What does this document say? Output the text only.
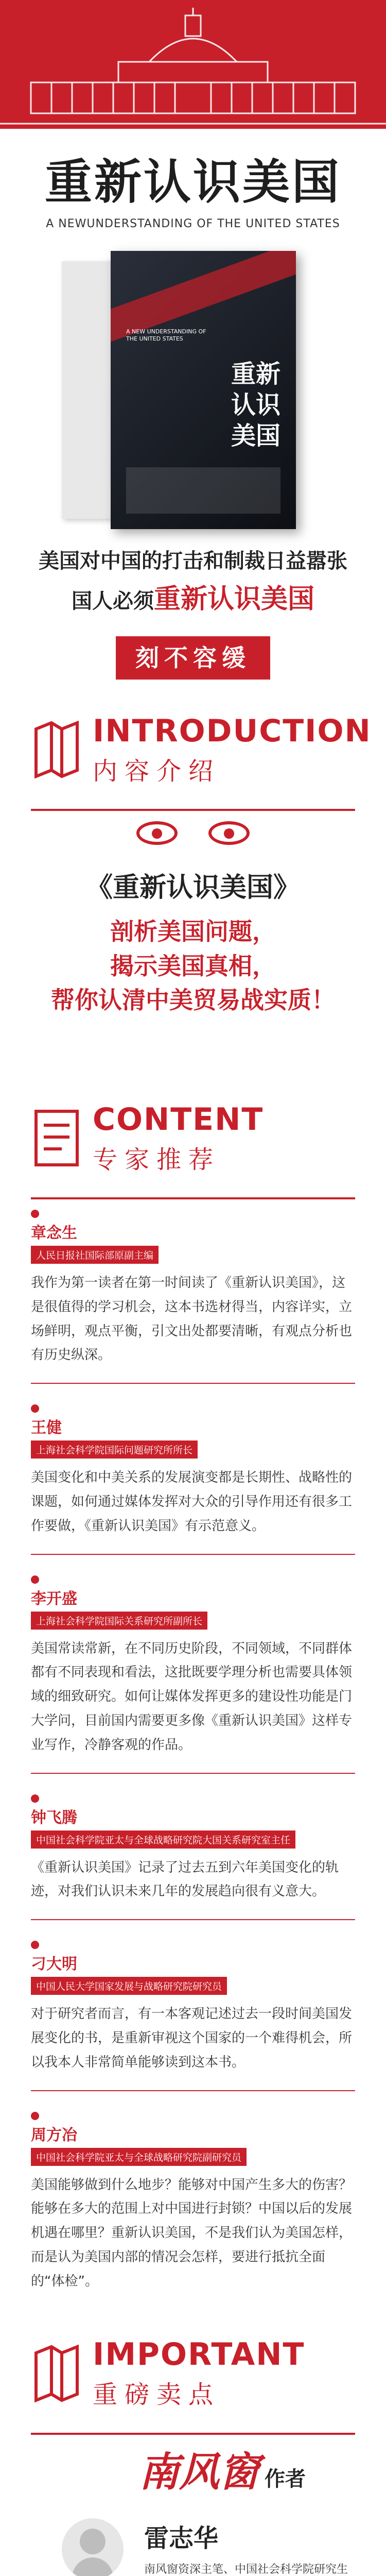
重新认识美国
A NEWUNDERSTANDING OF THE UNITED STATES
A NEW UNDERSTANDING OF THE UNITED STATES
重新
认识
美国
美国对中国的打击和制裁日益嚣张
国人必须重新认识美国
刻不容缓
INTRODUCTION
内容介绍
《重新认识美国》
剖析美国问题，
揭示美国真相，
帮你认清中美贸易战实质！
CONTENT
专家推荐
章念生
人民日报社国际部原副主编
我作为第一读者在第一时间读了《重新认识美国》，这是很值得的学习机会，这本书选材得当，内容详实，立场鲜明，观点平衡，引文出处都要清晰，有观点分析也有历史纵深。
王健
上海社会科学院国际问题研究所所长
美国变化和中美关系的发展演变都是长期性、战略性的课题，如何通过媒体发挥对大众的引导作用还有很多工作要做，《重新认识美国》有示范意义。
李开盛
上海社会科学院国际关系研究所副所长
美国常读常新，在不同历史阶段，不同领域，不同群体都有不同表现和看法，这批既要学理分析也需要具体领域的细致研究。如何让媒体发挥更多的建设性功能是门大学问，目前国内需要更多像《重新认识美国》这样专业写作，冷静客观的作品。
钟飞腾
中国社会科学院亚太与全球战略研究院大国关系研究室主任
《重新认识美国》记录了过去五到六年美国变化的轨迹，对我们认识未来几年的发展趋向很有义意大。
刁大明
中国人民大学国家发展与战略研究院研究员
对于研究者而言，有一本客观记述过去一段时间美国发展变化的书，是重新审视这个国家的一个难得机会，所以我本人非常简单能够读到这本书。
周方冶
中国社会科学院亚太与全球战略研究院副研究员
美国能够做到什么地步？能够对中国产生多大的伤害？能够在多大的范围上对中国进行封锁？中国以后的发展机遇在哪里？重新认识美国，不是我们认为美国怎样，而是认为美国内部的情况会怎样，要进行抵抗全面的“体检”。
IMPORTANT
重磅卖点
南风窗 作者
雷志华
南风窗资深主笔、中国社会科学院研究生
